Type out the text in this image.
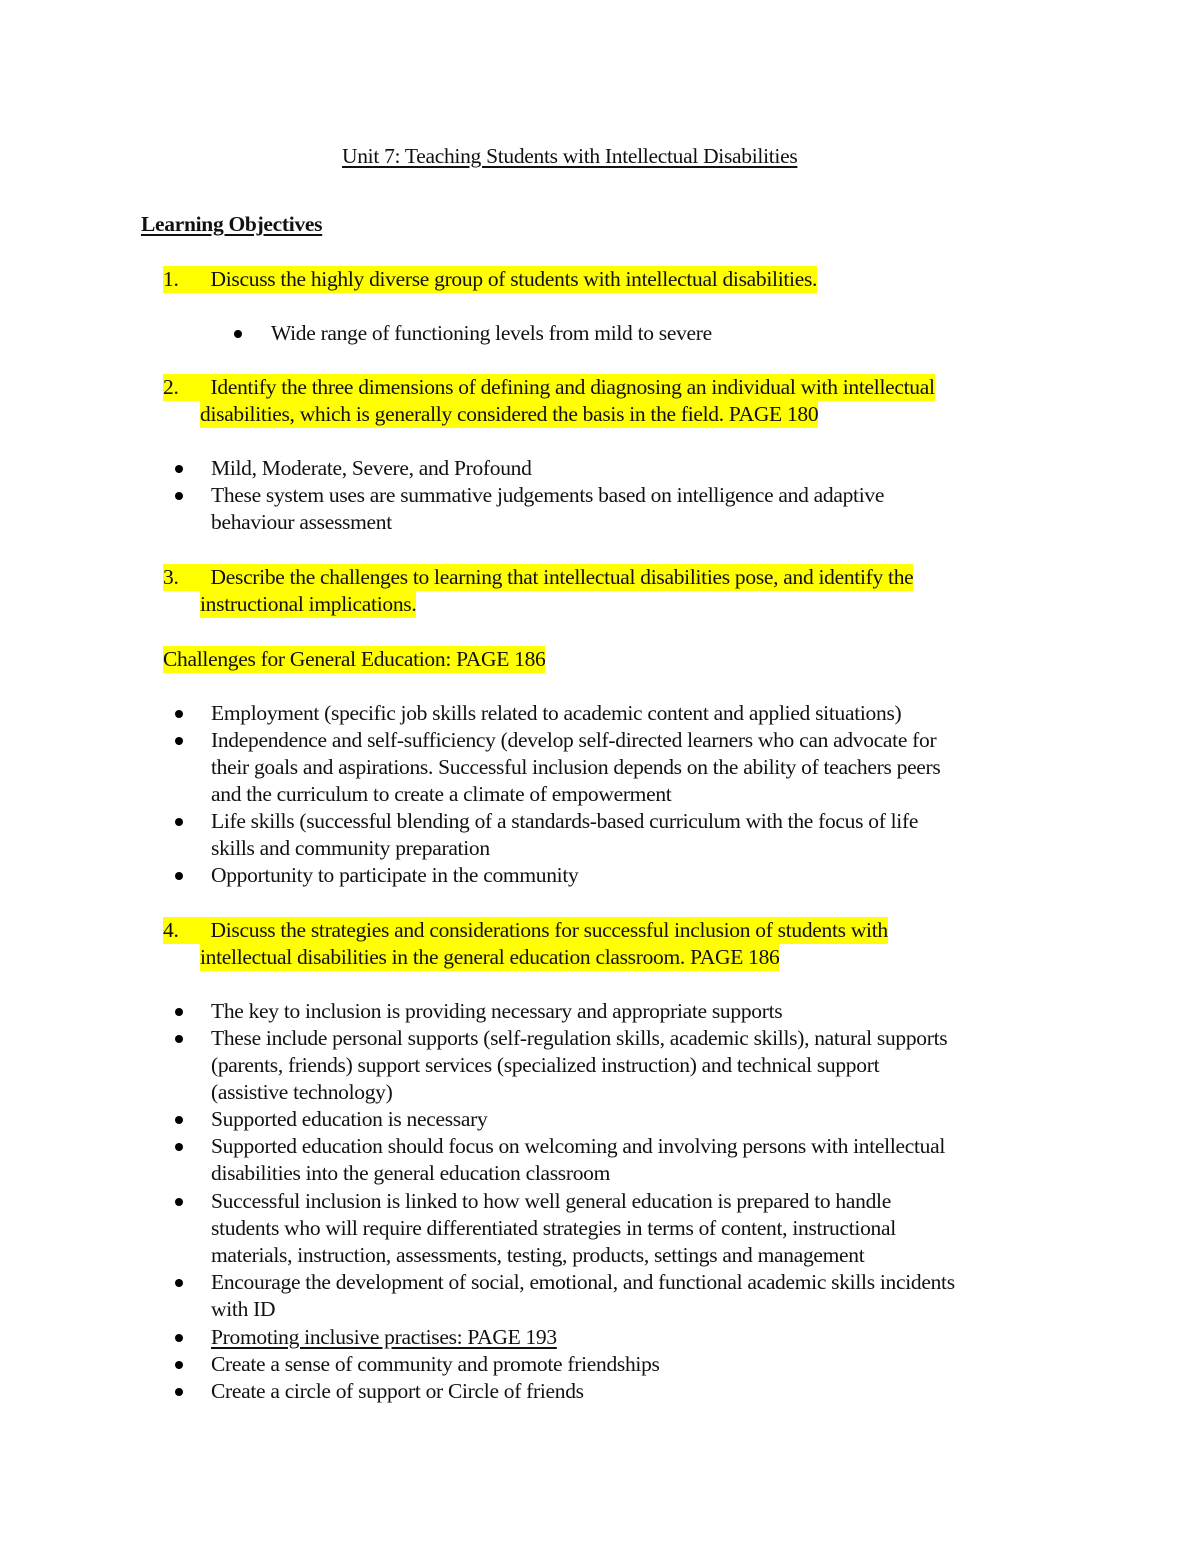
Unit 7: Teaching Students with Intellectual Disabilities
Learning Objectives
1. Discuss the highly diverse group of students with intellectual disabilities.
Wide range of functioning levels from mild to severe
2. Identify the three dimensions of defining and diagnosing an individual with intellectual
disabilities, which is generally considered the basis in the field. PAGE 180
Mild, Moderate, Severe, and Profound
These system uses are summative judgements based on intelligence and adaptive
behaviour assessment
3. Describe the challenges to learning that intellectual disabilities pose, and identify the
instructional implications.
Challenges for General Education: PAGE 186
Employment (specific job skills related to academic content and applied situations)
Independence and self-sufficiency (develop self-directed learners who can advocate for
their goals and aspirations. Successful inclusion depends on the ability of teachers peers
and the curriculum to create a climate of empowerment
Life skills (successful blending of a standards-based curriculum with the focus of life
skills and community preparation
Opportunity to participate in the community
4. Discuss the strategies and considerations for successful inclusion of students with
intellectual disabilities in the general education classroom. PAGE 186
The key to inclusion is providing necessary and appropriate supports
These include personal supports (self-regulation skills, academic skills), natural supports
(parents, friends) support services (specialized instruction) and technical support
(assistive technology)
Supported education is necessary
Supported education should focus on welcoming and involving persons with intellectual
disabilities into the general education classroom
Successful inclusion is linked to how well general education is prepared to handle
students who will require differentiated strategies in terms of content, instructional
materials, instruction, assessments, testing, products, settings and management
Encourage the development of social, emotional, and functional academic skills incidents
with ID
Promoting inclusive practises: PAGE 193
Create a sense of community and promote friendships
Create a circle of support or Circle of friends
